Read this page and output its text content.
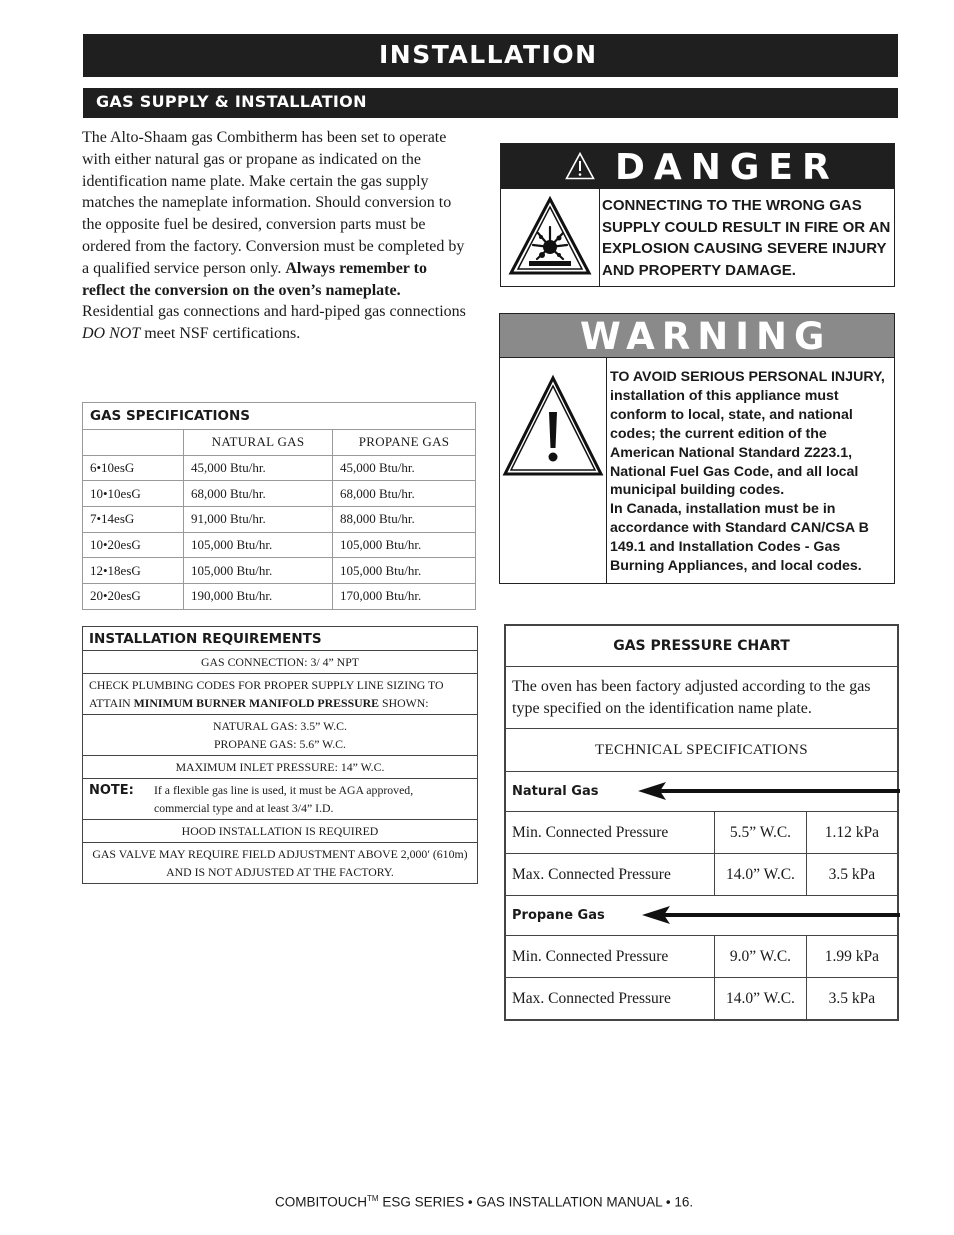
INSTALLATION
GAS SUPPLY & INSTALLATION

The Alto-Shaam gas Combitherm has been set to operate with either natural gas or propane as indicated on the identification name plate. Make certain the gas supply matches the nameplate information. Should conversion to the opposite fuel be desired, conversion parts must be ordered from the factory. Conversion must be completed by a qualified service person only. Always remember to reflect the conversion on the oven’s nameplate. Residential gas connections and hard-piped gas connections DO NOT meet NSF certifications.

GAS SPECIFICATIONS		
	NATURAL GAS	PROPANE GAS
6•10esG	45,000 Btu/hr.	45,000 Btu/hr.
10•10esG	68,000 Btu/hr.	68,000 Btu/hr.
7•14esG	91,000 Btu/hr.	88,000 Btu/hr.
10•20esG	105,000 Btu/hr.	105,000 Btu/hr.
12•18esG	105,000 Btu/hr.	105,000 Btu/hr.
20•20esG	190,000 Btu/hr.	170,000 Btu/hr.
INSTALLATION REQUIREMENTS
GAS CONNECTION: 3/ 4” NPT
CHECK PLUMBING CODES FOR PROPER SUPPLY LINE SIZING TO ATTAIN MINIMUM BURNER MANIFOLD PRESSURE SHOWN:
NATURAL GAS: 3.5” W.C.
PROPANE GAS: 5.6” W.C.
MAXIMUM INLET PRESSURE: 14” W.C.
NOTE: If a flexible gas line is used, it must be AGA approved, commercial type and at least 3/4” I.D.
HOOD INSTALLATION IS REQUIRED
GAS VALVE MAY REQUIRE FIELD ADJUSTMENT ABOVE 2,000′ (610m) AND IS NOT ADJUSTED AT THE FACTORY.
DANGER
CONNECTING TO THE WRONG GAS SUPPLY COULD RESULT IN FIRE OR AN EXPLOSION CAUSING SEVERE INJURY AND PROPERTY DAMAGE.
WARNING
TO AVOID SERIOUS PERSONAL INJURY, installation of this appliance must conform to local, state, and national codes; the current edition of the American National Standard Z223.1, National Fuel Gas Code, and all local municipal building codes.
In Canada, installation must be in accordance with Standard CAN/CSA B 149.1 and Installation Codes - Gas Burning Appliances, and local codes.
GAS PRESSURE CHART		
The oven has been factory adjusted according to the gas type specified on the identification name plate.		
TECHNICAL SPECIFICATIONS		
Natural Gas		

Min. Connected Pressure	5.5” W.C.	1.12 kPa
Max. Connected Pressure	14.0” W.C.	3.5 kPa
Propane Gas		

Min. Connected Pressure	9.0” W.C.	1.99 kPa
Max. Connected Pressure	14.0” W.C.	3.5 kPa
COMBITOUCH™ ESG SERIES • GAS INSTALLATION MANUAL • 16.
